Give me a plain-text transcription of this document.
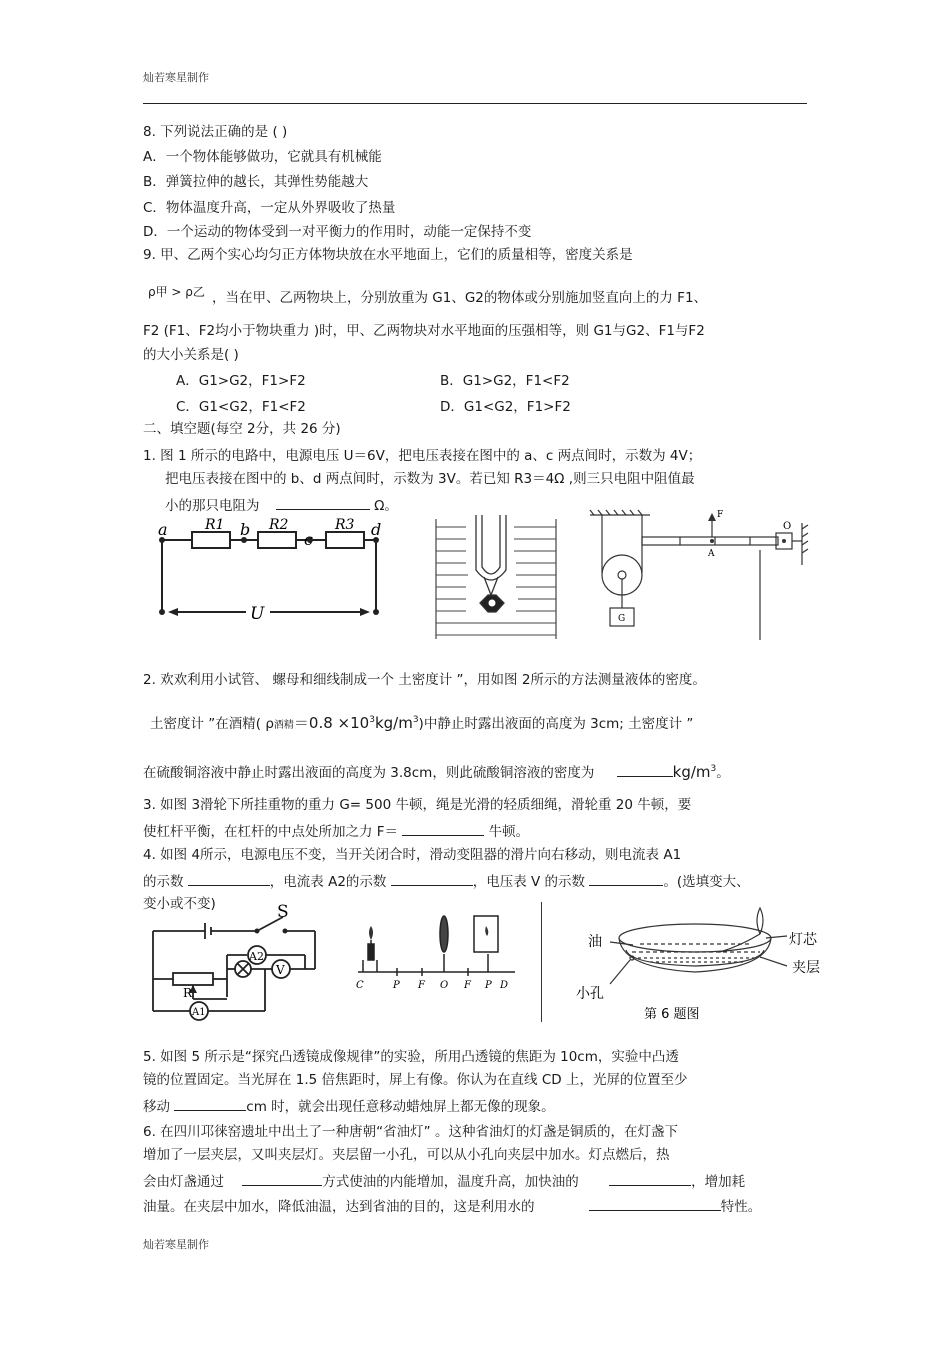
灿若寒星制作
8. 下列说法正确的是 ( )
A．一个物体能够做功，它就具有机械能
B．弹簧拉伸的越长，其弹性势能越大
C．物体温度升高，一定从外界吸收了热量
D．一个运动的物体受到一对平衡力的作用时，动能一定保持不变
9. 甲、乙两个实心均匀正方体物块放在水平地面上，它们的质量相等，密度关系是
ρ甲 > ρ乙 ，当在甲、乙两物块上，分别放重为 G1、G2的物体或分别施加竖直向上的力 F1、
F2 (F1、F2均小于物块重力 )时，甲、乙两物块对水平地面的压强相等，则 G1与G2、F1与F2
的大小关系是( )
A．G1>G2，F1>F2	B．G1>G2，F1<F2
C．G1<G2，F1<F2	D．G1<G2，F1>F2
二、填空题(每空 2分，共 26 分)
1. 图 1 所示的电路中，电源电压 U＝6V，把电压表接在图中的 a、c 两点间时，示数为 4V；
把电压表接在图中的 b、d 两点间时，示数为 3V。若已知 R3＝4Ω ,则三只电阻中阻值最
小的那只电阻为	Ω。
a	b
c
d
R1	R2	R3
U
F
A
O
G
2. 欢欢利用小试管、 螺母和细线制成一个 土密度计 ”，用如图 2所示的方法测量液体的密度。
土密度计 ”在酒精( ρ酒精$=0.8 \times 10^3kg/m^3$)中静止时露出液面的高度为 3cm; 土密度计 ”
在硫酸铜溶液中静止时露出液面的高度为 3.8cm，则此硫酸铜溶液的密度为	$kg/m^3$。
3. 如图 3滑轮下所挂重物的重力 G= 500 牛顿，绳是光滑的轻质细绳，滑轮重 20 牛顿，要
使杠杆平衡，在杠杆的中点处所加之力 F＝	牛顿。
4. 如图 4所示，电源电压不变，当开关闭合时，滑动变阻器的滑片向右移动，则电流表 A1
的示数	，电流表 A2的示数	，电压表 V 的示数	。(选填变大、
变小或不变)	S
A2
V
R
A1
C	P F O F P D
油	灯芯
夹层
小孔
第 6 题图
5. 如图 5 所示是“探究凸透镜成像规律”的实验，所用凸透镜的焦距为 10cm，实验中凸透
镜的位置固定。当光屏在 1.5 倍焦距时，屏上有像。你认为在直线 CD 上，光屏的位置至少
移动	cm 时，就会出现任意移动蜡烛屏上都无像的现象。
6. 在四川邛徕窑遗址中出土了一种唐朝“省油灯” 。这种省油灯的灯盏是铜质的，在灯盏下
增加了一层夹层，又叫夹层灯。夹层留一小孔，可以从小孔向夹层中加水。灯点燃后，热
会由灯盏通过	方式使油的内能增加，温度升高，加快油的	，增加耗
油量。在夹层中加水，降低油温，达到省油的目的，这是利用水的	特性。
灿若寒星制作
